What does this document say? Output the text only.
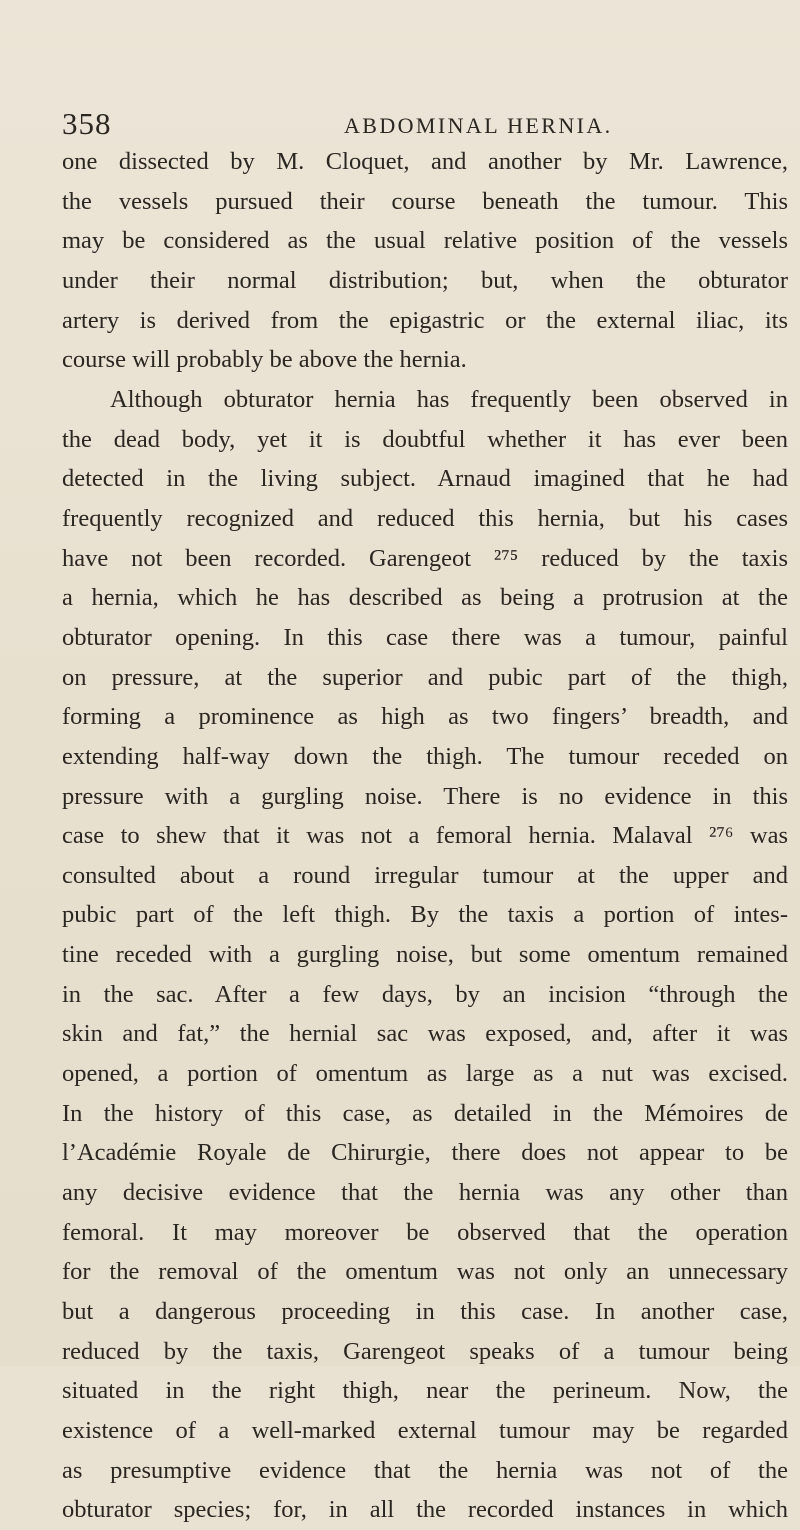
358	ABDOMINAL HERNIA.
one dissected by M. Cloquet, and another by Mr. Lawrence,
the vessels pursued their course beneath the tumour. This
may be considered as the usual relative position of the vessels
under their normal distribution; but, when the obturator
artery is derived from the epigastric or the external iliac, its
course will probably be above the hernia.
Although obturator hernia has frequently been observed in
the dead body, yet it is doubtful whether it has ever been
detected in the living subject. Arnaud imagined that he had
frequently recognized and reduced this hernia, but his cases
have not been recorded. Garengeot ²⁷⁵ reduced by the taxis
a hernia, which he has described as being a protrusion at the
obturator opening. In this case there was a tumour, painful
on pressure, at the superior and pubic part of the thigh,
forming a prominence as high as two fingers’ breadth, and
extending half-way down the thigh. The tumour receded on
pressure with a gurgling noise. There is no evidence in this
case to shew that it was not a femoral hernia. Malaval ²⁷⁶ was
consulted about a round irregular tumour at the upper and
pubic part of the left thigh. By the taxis a portion of intes-
tine receded with a gurgling noise, but some omentum remained
in the sac. After a few days, by an incision “through the
skin and fat,” the hernial sac was exposed, and, after it was
opened, a portion of omentum as large as a nut was excised.
In the history of this case, as detailed in the Mémoires de
l’Académie Royale de Chirurgie, there does not appear to be
any decisive evidence that the hernia was any other than
femoral. It may moreover be observed that the operation
for the removal of the omentum was not only an unnecessary
but a dangerous proceeding in this case. In another case,
reduced by the taxis, Garengeot speaks of a tumour being
situated in the right thigh, near the perineum. Now, the
existence of a well-marked external tumour may be regarded
as presumptive evidence that the hernia was not of the
obturator species; for, in all the recorded instances in which
